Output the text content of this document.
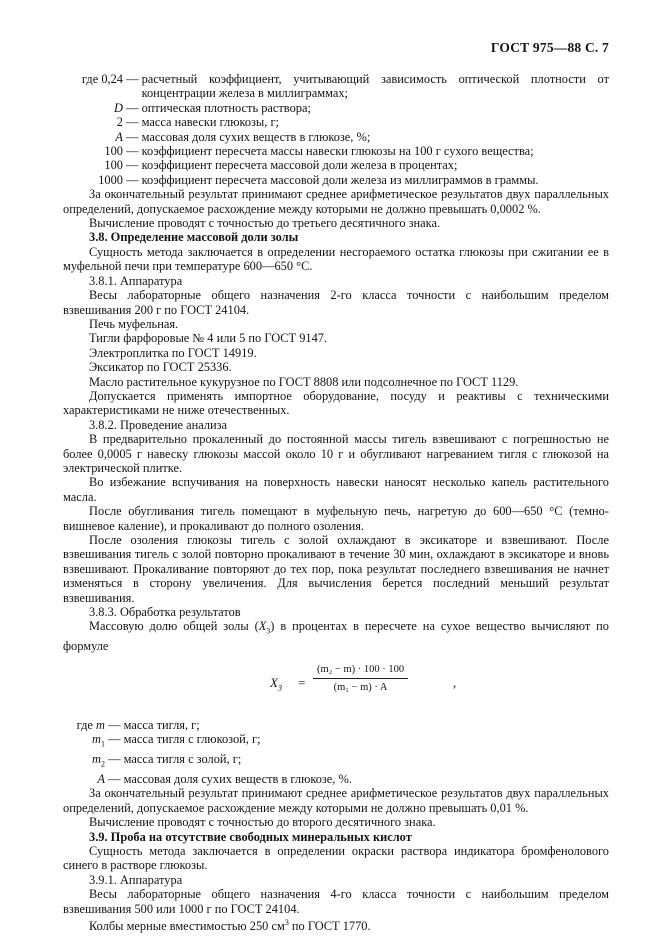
ГОСТ 975—88 С. 7
где 0,24 — расчетный коэффициент, учитывающий зависимость оптической плотности от концентрации железа в миллиграммах;
D — оптическая плотность раствора;
2 — масса навески глюкозы, г;
A — массовая доля сухих веществ в глюкозе, %;
100 — коэффициент пересчета массы навески глюкозы на 100 г сухого вещества;
100 — коэффициент пересчета массовой доли железа в процентах;
1000 — коэффициент пересчета массовой доли железа из миллиграммов в граммы.

За окончательный результат принимают среднее арифметическое результатов двух параллельных определений, допускаемое расхождение между которыми не должно превышать 0,0002 %.

Вычисление проводят с точностью до третьего десятичного знака.

3.8. Определение массовой доли золы

Сущность метода заключается в определении несгораемого остатка глюкозы при сжигании ее в муфельной печи при температуре 600—650 °С.

3.8.1. Аппаратура

Весы лабораторные общего назначения 2-го класса точности с наибольшим пределом взвешивания 200 г по ГОСТ 24104.

Печь муфельная.

Тигли фарфоровые № 4 или 5 по ГОСТ 9147.

Электроплитка по ГОСТ 14919.

Эксикатор по ГОСТ 25336.

Масло растительное кукурузное по ГОСТ 8808 или подсолнечное по ГОСТ 1129.

Допускается применять импортное оборудование, посуду и реактивы с техническими характеристиками не ниже отечественных.

3.8.2. Проведение анализа

В предварительно прокаленный до постоянной массы тигель взвешивают с погрешностью не более 0,0005 г навеску глюкозы массой около 10 г и обугливают нагреванием тигля с глюкозой на электрической плитке.

Во избежание вспучивания на поверхность навески наносят несколько капель растительного масла.

После обугливания тигель помещают в муфельную печь, нагретую до 600—650 °С (темно-вишневое каление), и прокаливают до полного озоления.

После озоления глюкозы тигель с золой охлаждают в эксикаторе и взвешивают. После взвешивания тигель с золой повторно прокаливают в течение 30 мин, охлаждают в эксикаторе и вновь взвешивают. Прокаливание повторяют до тех пор, пока результат последнего взвешивания не начнет изменяться в сторону увеличения. Для вычисления берется последний меньший результат взвешивания.

3.8.3. Обработка результатов

Массовую долю общей золы $(X_3)$ в процентах в пересчете на сухое вещество вычисляют по формуле

$X_3 = \frac{\text{(m₂ − m) · 100 · 100}}{\text{(m₁ − m) · A}}$	,
где m — масса тигля, г;
$m_1$ — масса тигля с глюкозой, г;
$m_2$ — масса тигля с золой, г;
A — массовая доля сухих веществ в глюкозе, %.

За окончательный результат принимают среднее арифметическое результатов двух параллельных определений, допускаемое расхождение между которыми не должно превышать 0,01 %.

Вычисление проводят с точностью до второго десятичного знака.

3.9. Проба на отсутствие свободных минеральных кислот

Сущность метода заключается в определении окраски раствора индикатора бромфенолового синего в растворе глюкозы.

3.9.1. Аппаратура

Весы лабораторные общего назначения 4-го класса точности с наибольшим пределом взвешивания 500 или 1000 г по ГОСТ 24104.

Колбы мерные вместимостью 250 $см^3$ по ГОСТ 1770.
